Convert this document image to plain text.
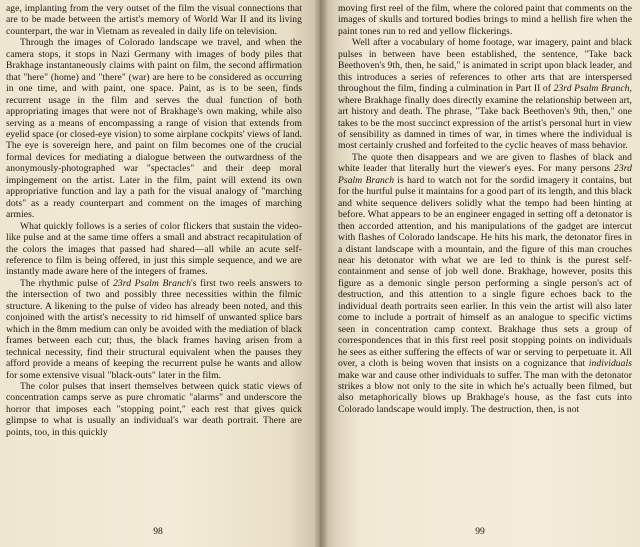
age, implanting from the very outset of the film the visual connections that are to be made between the artist's memory of World War II and its living counterpart, the war in Vietnam as revealed in daily life on television.

Through the images of Colorado landscape we travel, and when the camera stops, it stops in Nazi Germany with images of body piles that Brakhage instantaneously claims with paint on film, the second affirmation that "here" (home) and "there" (war) are here to be considered as occurring in one time, and with paint, one space. Paint, as is to be seen, finds recurrent usage in the film and serves the dual function of both appropriating images that were not of Brakhage's own making, while also serving as a means of encompassing a range of vision that extends from eyelid space (or closed-eye vision) to some airplane cockpits' views of land. The eye is sovereign here, and paint on film becomes one of the crucial formal devices for mediating a dialogue between the outwardness of the anonymously-photographed war "spectacles" and their deep moral impingement on the artist. Later in the film, paint will extend its own appropriative function and lay a path for the visual analogy of "marching dots" as a ready counterpart and comment on the images of marching armies.

What quickly follows is a series of color flickers that sustain the video-like pulse and at the same time offers a small and abstract recapitulation of the colors the images that passed had shared—all while an acute self-reference to film is being offered, in just this simple sequence, and we are instantly made aware here of the integers of frames.

The rhythmic pulse of 23rd Psalm Branch's first two reels answers to the intersection of two and possibly three necessities within the filmic structure. A likening to the pulse of video has already been noted, and this conjoined with the artist's necessity to rid himself of unwanted splice bars which in the 8mm medium can only be avoided with the mediation of black frames between each cut; thus, the black frames having arisen from a technical necessity, find their structural equivalent when the pauses they afford provide a means of keeping the recurrent pulse he wants and allow for some extensive visual "black-outs" later in the film.

The color pulses that insert themselves between quick static views of concentration camps serve as pure chromatic "alarms" and underscore the horror that imposes each "stopping point," each rest that gives quick glimpse to what is usually an individual's war death portrait. There are points, too, in this quickly

98

moving first reel of the film, where the colored paint that comments on the images of skulls and tortured bodies brings to mind a hellish fire when the paint tones run to red and yellow flickerings.

Well after a vocabulary of home footage, war imagery, paint and black pulses in between have been established, the sentence, "Take back Beethoven's 9th, then, he said," is animated in script upon black leader, and this introduces a series of references to other arts that are interspersed throughout the film, finding a culmination in Part II of 23rd Psalm Branch, where Brakhage finally does directly examine the relationship between art, art history and death. The phrase, "Take back Beethoven's 9th, then," one takes to be the most succinct expression of the artist's personal hurt in view of sensibility as damned in times of war, in times where the individual is most certainly crushed and forfeited to the cyclic heaves of mass behavior.

The quote then disappears and we are given to flashes of black and white leader that literally hurt the viewer's eyes. For many persons 23rd Psalm Branch is hard to watch not for the sordid imagery it contains, but for the hurtful pulse it maintains for a good part of its length, and this black and white sequence delivers solidly what the tempo had been hinting at before. What appears to be an engineer engaged in setting off a detonator is then accorded attention, and his manipulations of the gadget are intercut with flashes of Colorado landscape. He hits his mark, the detonator fires in a distant landscape with a mountain, and the figure of this man crouches near his detonator with what we are led to think is the purest self-containment and sense of job well done. Brakhage, however, posits this figure as a demonic single person performing a single person's act of destruction, and this attention to a single figure echoes back to the individual death portraits seen earlier. In this vein the artist will also later come to include a portrait of himself as an analogue to specific victims seen in concentration camp context. Brakhage thus sets a group of correspondences that in this first reel posit stopping points on individuals he sees as either suffering the effects of war or serving to perpetuate it. All over, a cloth is being woven that insists on a cognizance that individuals make war and cause other individuals to suffer. The man with the detonator strikes a blow not only to the site in which he's actually been filmed, but also metaphorically blows up Brakhage's house, as the fast cuts into Colorado landscape would imply. The destruction, then, is not

99
